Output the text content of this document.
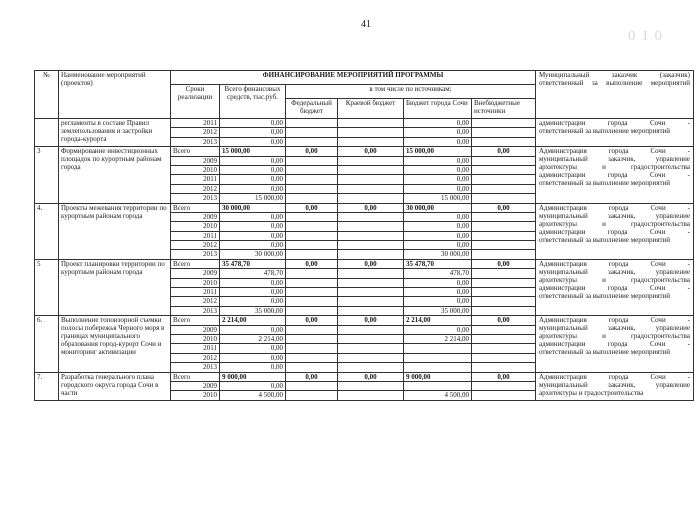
41
0 1 0
№	Наименование мероприятий (проектов)	ФИНАНСИРОВАНИЕ МЕРОПРИЯТИЙ ПРОГРАММЫ						Муниципальный заказчик (заказчик) ответственный за выполнение мероприятий
		Сроки реализации	Всего финансовых средств, тыс.руб.	в том числе по источникам:				
				Федеральный бюджет	Краевой бюджет	Бюджет города Сочи	Внебюджетные источники	

	регламенты в составе Правил землепользования и застройки города-курорта	2011	0,00			0,00		администрации города Сочи -
ответственный за выполнение мероприятий

		2012	0,00			0,00		
		2013	0,00			0,00		
3	Формирование инвестиционных площадок по курортным районам города	Всего	15 000,00	0,00	0,00	15 000,00	0,00	Администрация города Сочи -
муниципальный заказчик, управление
архитектуры и градостроительства
администрации города Сочи -
ответственный за выполнение мероприятий

		2009	0,00			0,00		
		2010	0,00			0,00		
		2011	0,00			0,00		
		2012	0,00			0,00		
		2013	15 000,00			15 000,00		
4.	Проекты межевания территории по курортным районам города	Всего	30 000,00	0,00	0,00	30 000,00	0,00	Администрация города Сочи -
муниципальный заказчик, управление
архитектуры и градостроительства
администрации города Сочи -
ответственный за выполнение мероприятий

		2009	0,00			0,00		
		2010	0,00			0,00		
		2011	0,00			0,00		
		2012	0,00			0,00		
		2013	30 000,00			30 000,00		
5	Проект планировки территории по курортным районам города	Всего	35 478,70	0,00	0,00	35 478,70	0,00	Администрация города Сочи -
муниципальный заказчик, управление
архитектуры и градостроительства
администрации города Сочи -
ответственный за выполнение мероприятий

		2009	478,70			478,70		
		2010	0,00			0,00		
		2011	0,00			0,00		
		2012	0,00			0,00		
		2013	35 000,00			35 000,00		
6.	Выполнение топоизорной съемки полосы побережья Черного моря в границах муниципального образования город-курорт Сочи и мониторинг активизации	Всего	2 214,00	0,00	0,00	2 214,00	0,00	Администрация города Сочи -
муниципальный заказчик, управление
архитектуры и градостроительства
администрации города Сочи -
ответственный за выполнение мероприятий

		2009	0,00			0,00		
		2010	2 214,00			2 214,00		
		2011	0,00					
		2012	0,00					
		2013	0,00					
7.	Разработка генерального плана городского округа города Сочи в части	Всего	9 000,00	0,00	0,00	9 000,00	0,00	Администрация города Сочи -
муниципальный заказчик, управление
архитектуры и градостроительства

		2009	0,00					
		2010	4 500,00			4 500,00		
